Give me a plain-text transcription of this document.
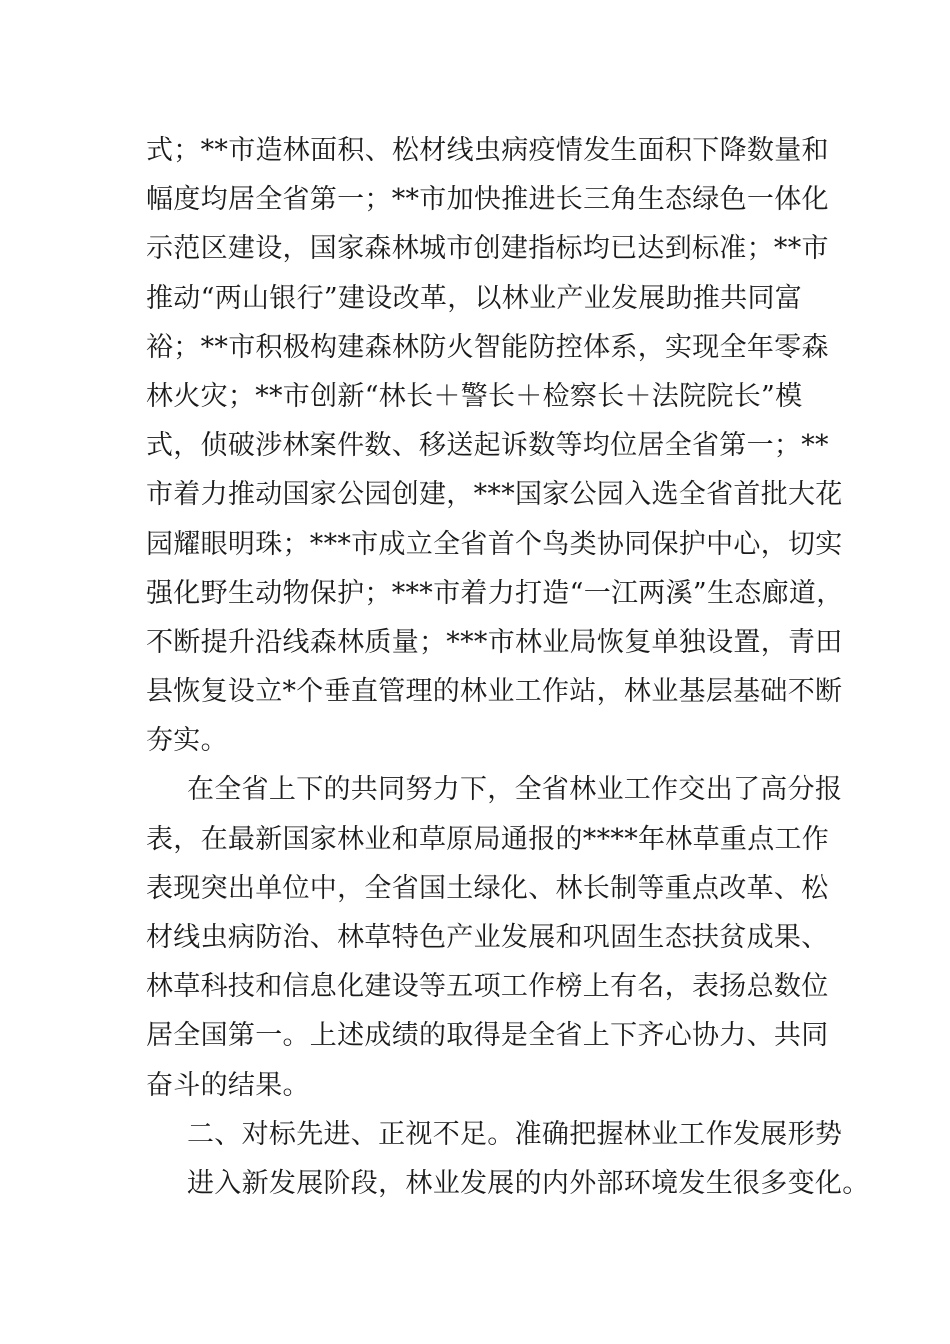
式；**市造林面积、松材线虫病疫情发生面积下降数量和
幅度均居全省第一；**市加快推进长三角生态绿色一体化
示范区建设，国家森林城市创建指标均已达到标准；**市
推动“两山银行”建设改革，以林业产业发展助推共同富
裕；**市积极构建森林防火智能防控体系，实现全年零森
林火灾；**市创新“林长＋警长＋检察长＋法院院长”模
式，侦破涉林案件数、移送起诉数等均位居全省第一；**
市着力推动国家公园创建，***国家公园入选全省首批大花
园耀眼明珠；***市成立全省首个鸟类协同保护中心，切实
强化野生动物保护；***市着力打造“一江两溪”生态廊道，
不断提升沿线森林质量；***市林业局恢复单独设置，青田
县恢复设立*个垂直管理的林业工作站，林业基层基础不断
夯实。
在全省上下的共同努力下，全省林业工作交出了高分报
表，在最新国家林业和草原局通报的****年林草重点工作
表现突出单位中，全省国土绿化、林长制等重点改革、松
材线虫病防治、林草特色产业发展和巩固生态扶贫成果、
林草科技和信息化建设等五项工作榜上有名，表扬总数位
居全国第一。上述成绩的取得是全省上下齐心协力、共同
奋斗的结果。
二、对标先进、正视不足。准确把握林业工作发展形势
进入新发展阶段，林业发展的内外部环境发生很多变化。
